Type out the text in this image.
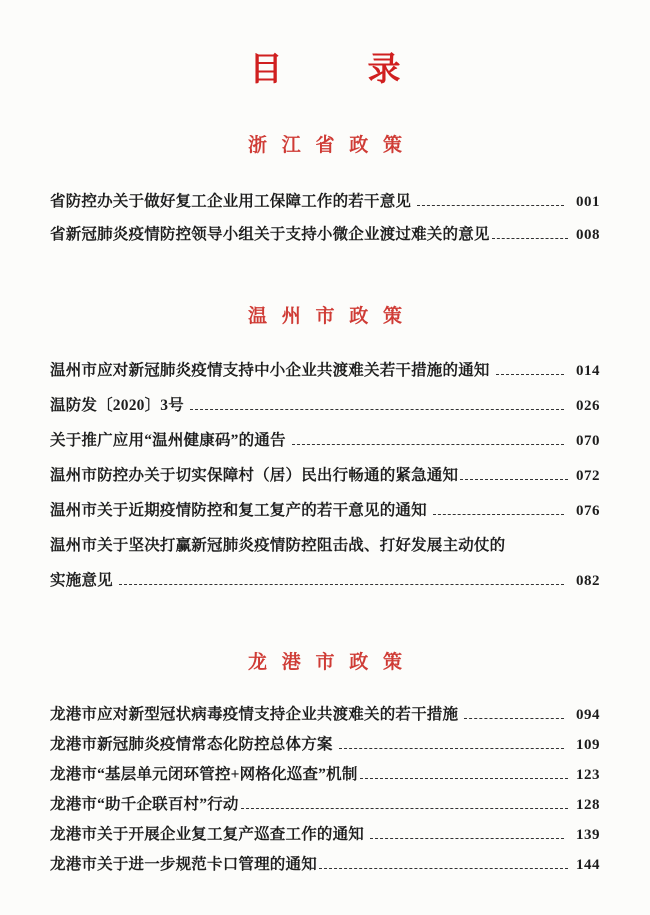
目　录
浙 江 省 政 策
省防控办关于做好复工企业用工保障工作的若干意见	001
省新冠肺炎疫情防控领导小组关于支持小微企业渡过难关的意见	008
温 州 市 政 策
温州市应对新冠肺炎疫情支持中小企业共渡难关若干措施的通知	014
温防发〔2020〕3号	026
关于推广应用“温州健康码”的通告	070
温州市防控办关于切实保障村（居）民出行畅通的紧急通知	072
温州市关于近期疫情防控和复工复产的若干意见的通知	076
温州市关于坚决打赢新冠肺炎疫情防控阻击战、打好发展主动仗的
实施意见	082
龙 港 市 政 策
龙港市应对新型冠状病毒疫情支持企业共渡难关的若干措施	094
龙港市新冠肺炎疫情常态化防控总体方案	109
龙港市“基层单元闭环管控+网格化巡查”机制	123
龙港市“助千企联百村”行动	128
龙港市关于开展企业复工复产巡查工作的通知	139
龙港市关于进一步规范卡口管理的通知	144
